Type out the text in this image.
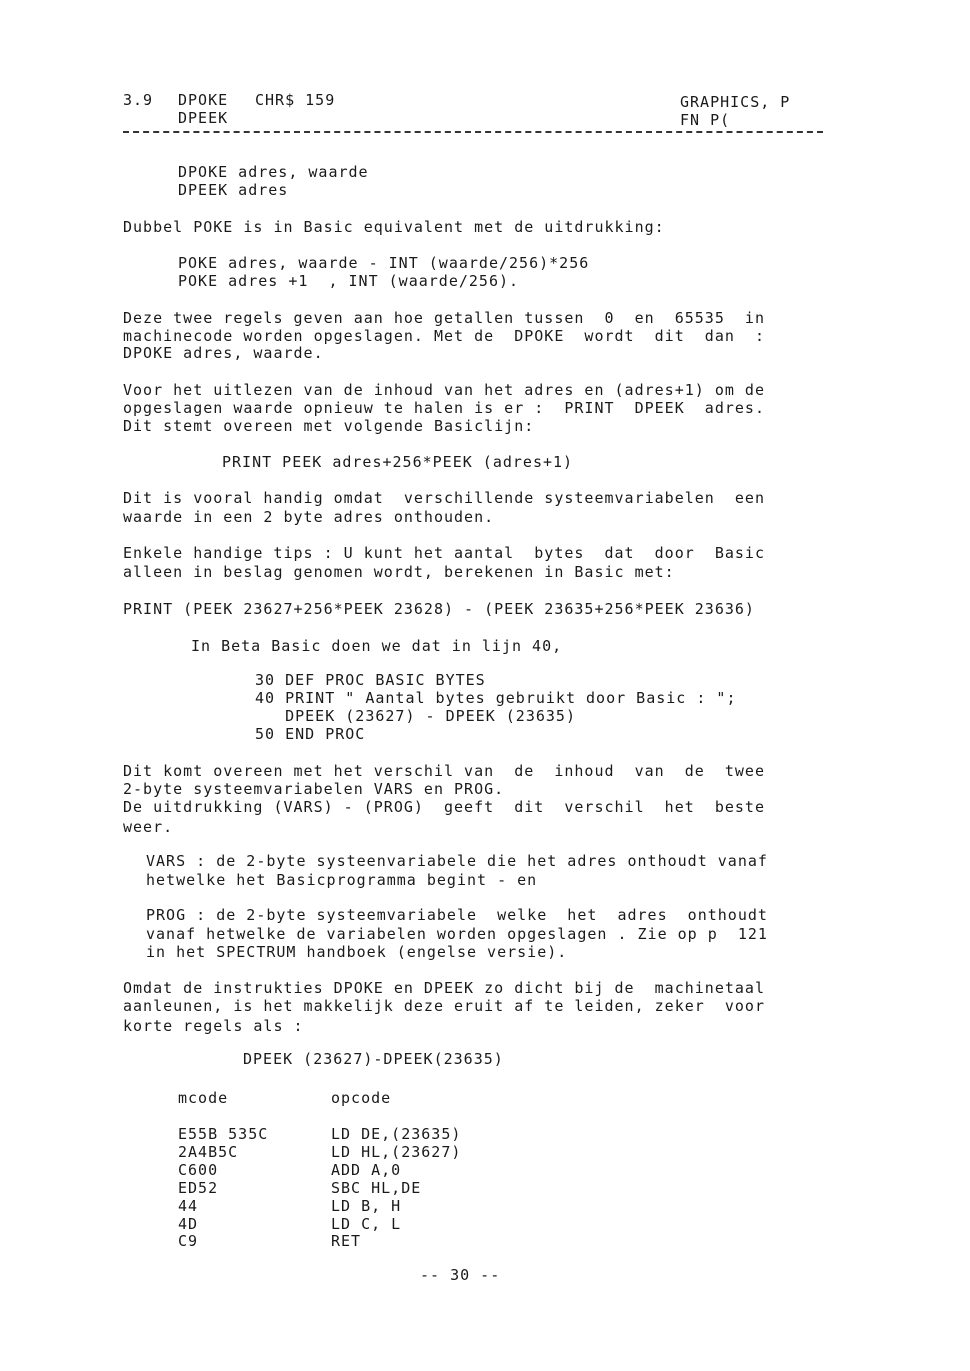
3.9 DPOKE CHR$ 159
DPEEK
GRAPHICS, P
FN P(
DPOKE adres, waarde
DPEEK adres
Dubbel POKE is in Basic equivalent met de uitdrukking:
POKE adres, waarde - INT (waarde/256)*256
POKE adres +1  , INT (waarde/256).
Deze twee regels geven aan hoe getallen tussen  0  en  65535  in
machinecode worden opgeslagen. Met de  DPOKE  wordt  dit  dan  :
DPOKE adres, waarde.
Voor het uitlezen van de inhoud van het adres en (adres+1) om de
opgeslagen waarde opnieuw te halen is er :  PRINT  DPEEK  adres.
Dit stemt overeen met volgende Basiclijn:
PRINT PEEK adres+256*PEEK (adres+1)
Dit is vooral handig omdat  verschillende systeemvariabelen  een
waarde in een 2 byte adres onthouden.
Enkele handige tips : U kunt het aantal  bytes  dat  door  Basic
alleen in beslag genomen wordt, berekenen in Basic met:
PRINT (PEEK 23627+256*PEEK 23628) - (PEEK 23635+256*PEEK 23636)
In Beta Basic doen we dat in lijn 40,
30 DEF PROC BASIC BYTES
40 PRINT " Aantal bytes gebruikt door Basic : ";
DPEEK (23627) - DPEEK (23635)
50 END PROC
Dit komt overeen met het verschil van  de  inhoud  van  de  twee
2-byte systeemvariabelen VARS en PROG.
De uitdrukking (VARS) - (PROG)  geeft  dit  verschil  het  beste
weer.
VARS : de 2-byte systeenvariabele die het adres onthoudt vanaf
hetwelke het Basicprogramma begint - en
PROG : de 2-byte systeemvariabele  welke  het  adres  onthoudt
vanaf hetwelke de variabelen worden opgeslagen . Zie op p  121
in het SPECTRUM handboek (engelse versie).
Omdat de instrukties DPOKE en DPEEK zo dicht bij de  machinetaal
aanleunen, is het makkelijk deze eruit af te leiden, zeker  voor
korte regels als :
DPEEK (23627)-DPEEK(23635)
mcode	opcode
E55B 535C	LD DE,(23635)
2A4B5C	LD HL,(23627)
C600	ADD A,0
ED52	SBC HL,DE
44	LD B, H
4D	LD C, L
C9	RET
-- 30 --
